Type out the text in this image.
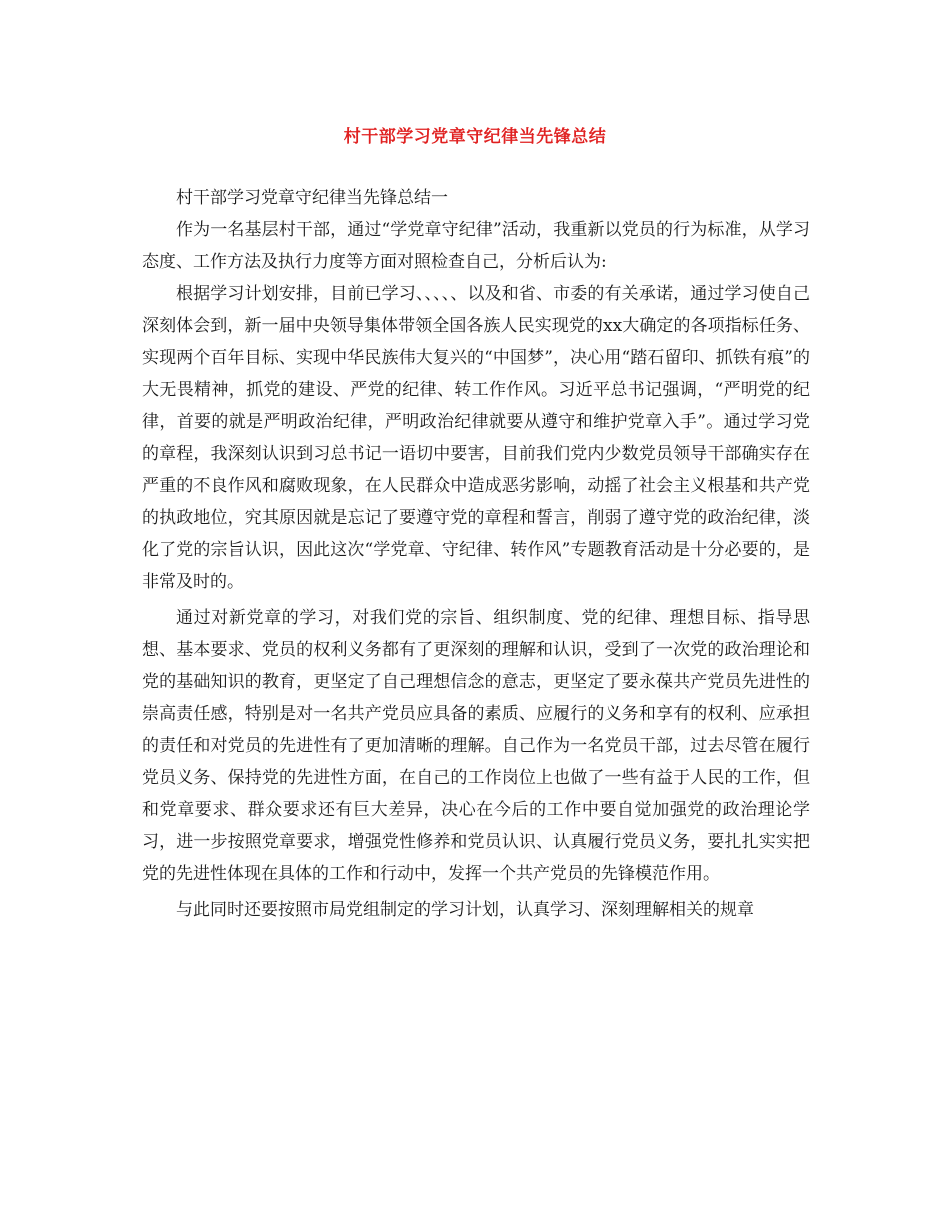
村干部学习党章守纪律当先锋总结

村干部学习党章守纪律当先锋总结一

作为一名基层村干部，通过“学党章守纪律”活动，我重新以党员的行为标准，从学习态度、工作方法及执行力度等方面对照检查自己，分析后认为:

根据学习计划安排，目前已学习、、、、、以及和省、市委的有关承诺，通过学习使自己深刻体会到，新一届中央领导集体带领全国各族人民实现党的xx大确定的各项指标任务、实现两个百年目标、实现中华民族伟大复兴的“中国梦”，决心用“踏石留印、抓铁有痕”的大无畏精神，抓党的建设、严党的纪律、转工作作风。习近平总书记强调，“严明党的纪律，首要的就是严明政治纪律，严明政治纪律就要从遵守和维护党章入手”。通过学习党的章程，我深刻认识到习总书记一语切中要害，目前我们党内少数党员领导干部确实存在严重的不良作风和腐败现象，在人民群众中造成恶劣影响，动摇了社会主义根基和共产党的执政地位，究其原因就是忘记了要遵守党的章程和誓言，削弱了遵守党的政治纪律，淡化了党的宗旨认识，因此这次“学党章、守纪律、转作风”专题教育活动是十分必要的，是非常及时的。

通过对新党章的学习，对我们党的宗旨、组织制度、党的纪律、理想目标、指导思想、基本要求、党员的权利义务都有了更深刻的理解和认识，受到了一次党的政治理论和党的基础知识的教育，更坚定了自己理想信念的意志，更坚定了要永葆共产党员先进性的崇高责任感，特别是对一名共产党员应具备的素质、应履行的义务和享有的权利、应承担的责任和对党员的先进性有了更加清晰的理解。自己作为一名党员干部，过去尽管在履行党员义务、保持党的先进性方面，在自己的工作岗位上也做了一些有益于人民的工作，但和党章要求、群众要求还有巨大差异，决心在今后的工作中要自觉加强党的政治理论学习，进一步按照党章要求，增强党性修养和党员认识、认真履行党员义务，要扎扎实实把党的先进性体现在具体的工作和行动中，发挥一个共产党员的先锋模范作用。

与此同时还要按照市局党组制定的学习计划，认真学习、深刻理解相关的规章
